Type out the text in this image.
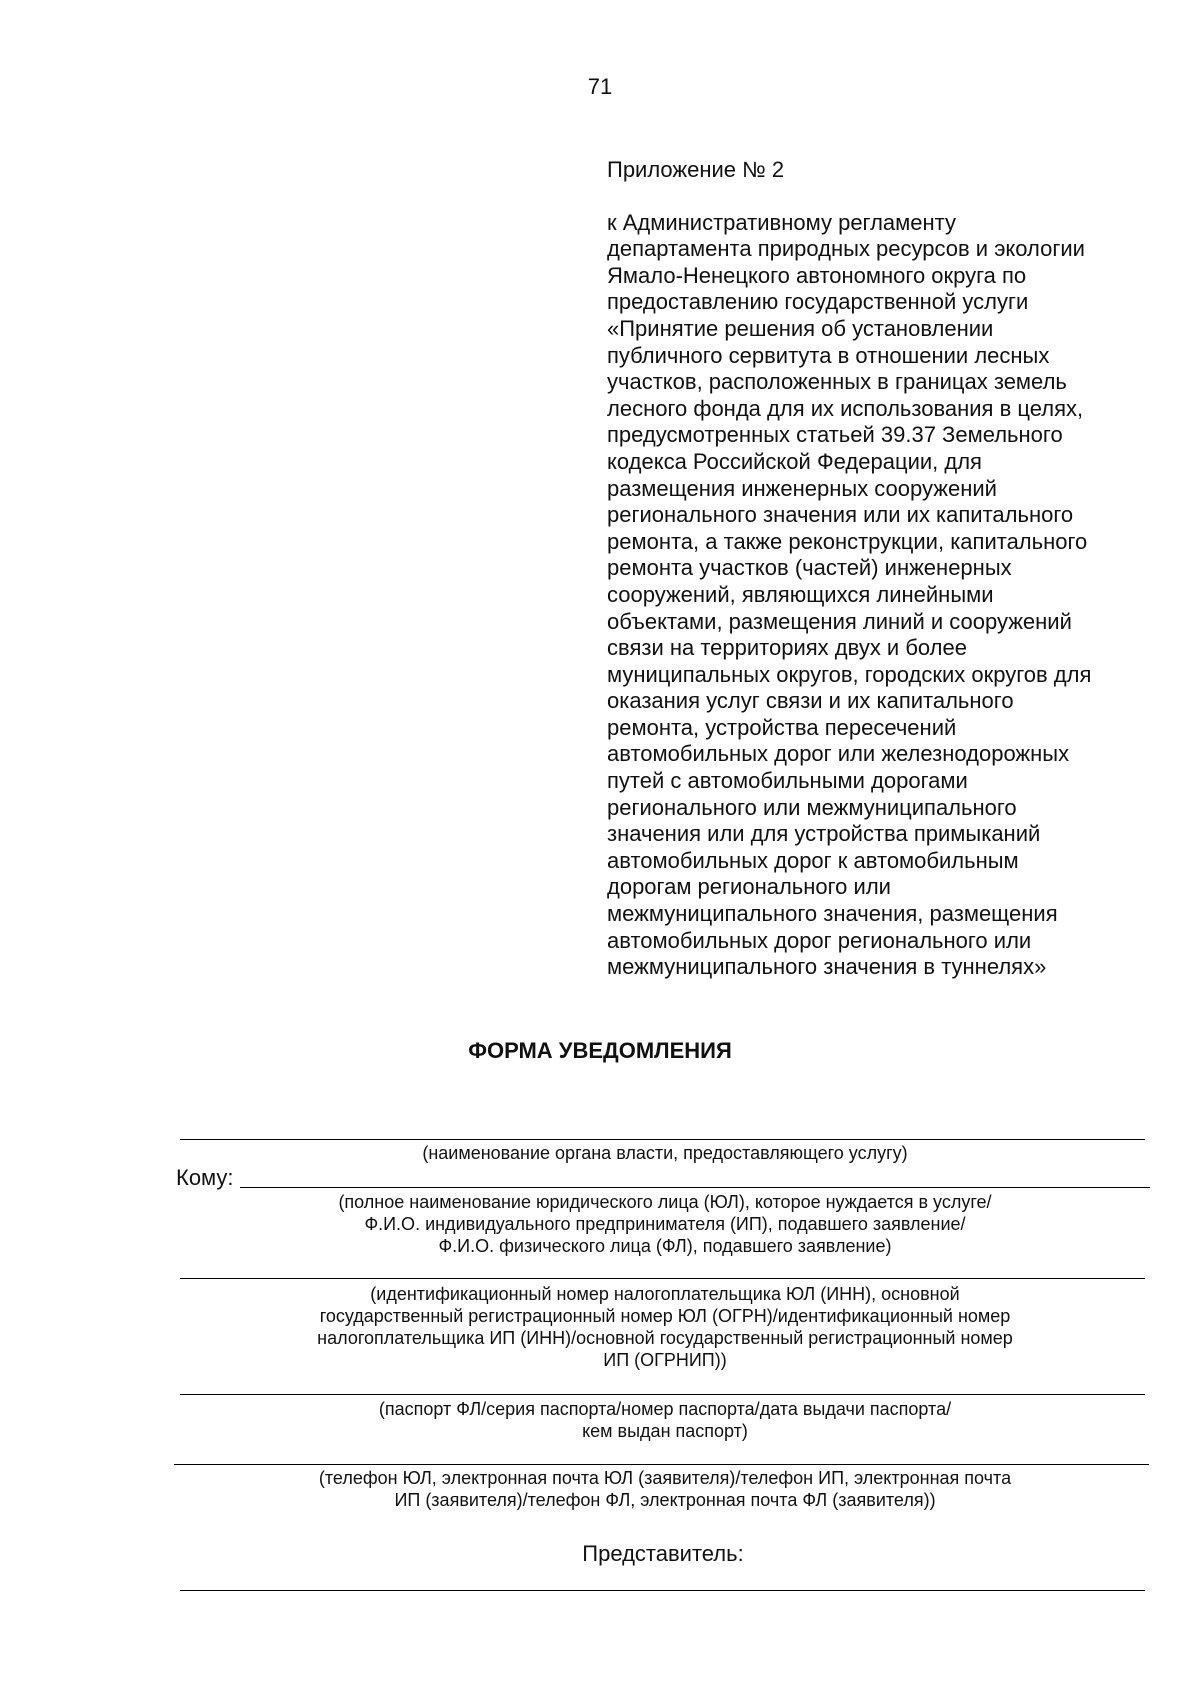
71
Приложение № 2

к Административному регламенту

департамента природных ресурсов и экологии

Ямало-Ненецкого автономного округа по

предоставлению государственной услуги

«Принятие решения об установлении

публичного сервитута в отношении лесных

участков, расположенных в границах земель

лесного фонда для их использования в целях,

предусмотренных статьей 39.37 Земельного

кодекса Российской Федерации, для

размещения инженерных сооружений

регионального значения или их капитального

ремонта, а также реконструкции, капитального

ремонта участков (частей) инженерных

сооружений, являющихся линейными

объектами, размещения линий и сооружений

связи на территориях двух и более

муниципальных округов, городских округов для

оказания услуг связи и их капитального

ремонта, устройства пересечений

автомобильных дорог или железнодорожных

путей с автомобильными дорогами

регионального или межмуниципального

значения или для устройства примыканий

автомобильных дорог к автомобильным

дорогам регионального или

межмуниципального значения, размещения

автомобильных дорог регионального или

межмуниципального значения в туннелях»

ФОРМА УВЕДОМЛЕНИЯ

(наименование органа власти, предоставляющего услугу)

Кому:

(полное наименование юридического лица (ЮЛ), которое нуждается в услуге/

Ф.И.О. индивидуального предпринимателя (ИП), подавшего заявление/

Ф.И.О. физического лица (ФЛ), подавшего заявление)

(идентификационный номер налогоплательщика ЮЛ (ИНН), основной

государственный регистрационный номер ЮЛ (ОГРН)/идентификационный номер

налогоплательщика ИП (ИНН)/основной государственный регистрационный номер

ИП (ОГРНИП))

(паспорт ФЛ/серия паспорта/номер паспорта/дата выдачи паспорта/

кем выдан паспорт)

(телефон ЮЛ, электронная почта ЮЛ (заявителя)/телефон ИП, электронная почта

ИП (заявителя)/телефон ФЛ, электронная почта ФЛ (заявителя))

Представитель:
